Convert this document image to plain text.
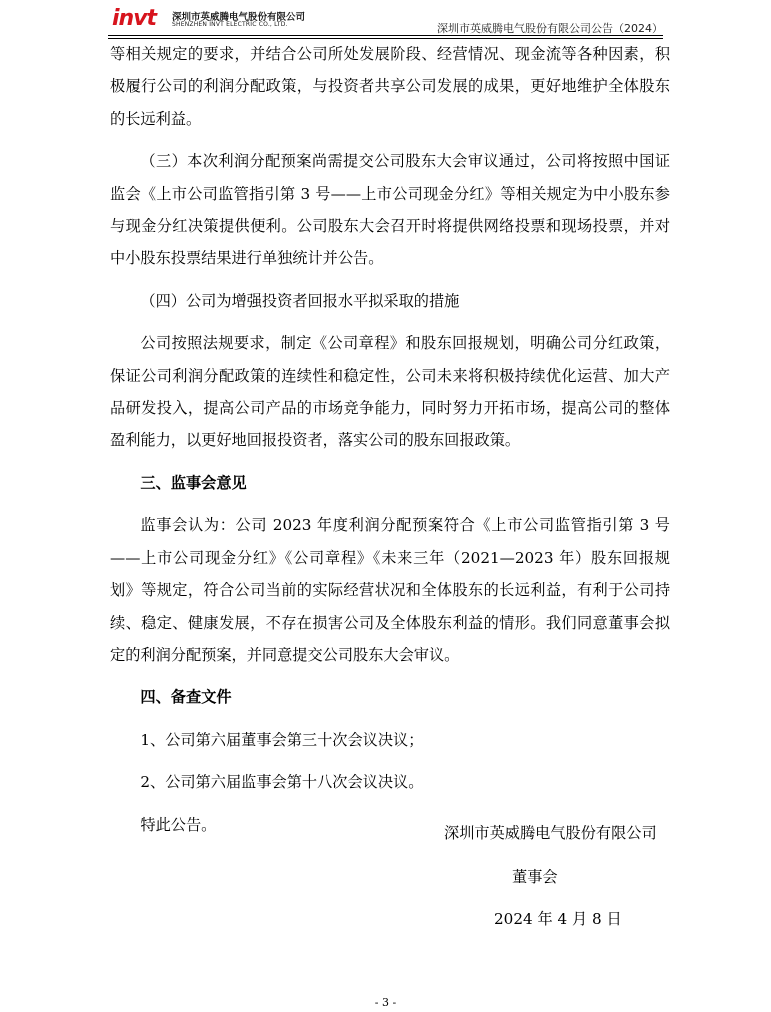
invt 深圳市英威腾电气股份有限公司
SHENZHEN INVT ELECTRIC CO., LTD.	深圳市英威腾电气股份有限公司公告（2024）

等相关规定的要求，并结合公司所处发展阶段、经营情况、现金流等各种因素，积极履行公司的利润分配政策，与投资者共享公司发展的成果，更好地维护全体股东的长远利益。

（三）本次利润分配预案尚需提交公司股东大会审议通过，公司将按照中国证监会《上市公司监管指引第 3 号——上市公司现金分红》等相关规定为中小股东参与现金分红决策提供便利。公司股东大会召开时将提供网络投票和现场投票，并对中小股东投票结果进行单独统计并公告。

（四）公司为增强投资者回报水平拟采取的措施

公司按照法规要求，制定《公司章程》和股东回报规划，明确公司分红政策，保证公司利润分配政策的连续性和稳定性，公司未来将积极持续优化运营、加大产品研发投入，提高公司产品的市场竞争能力，同时努力开拓市场，提高公司的整体盈利能力，以更好地回报投资者，落实公司的股东回报政策。

三、监事会意见

监事会认为：公司 2023 年度利润分配预案符合《上市公司监管指引第 3 号——上市公司现金分红》《公司章程》《未来三年（2021—2023 年）股东回报规划》等规定，符合公司当前的实际经营状况和全体股东的长远利益，有利于公司持续、稳定、健康发展，不存在损害公司及全体股东利益的情形。我们同意董事会拟定的利润分配预案，并同意提交公司股东大会审议。

四、备查文件

1、公司第六届董事会第三十次会议决议；

2、公司第六届监事会第十八次会议决议。

特此公告。	深圳市英威腾电气股份有限公司
董事会
2024 年 4 月 8 日
- 3 -
